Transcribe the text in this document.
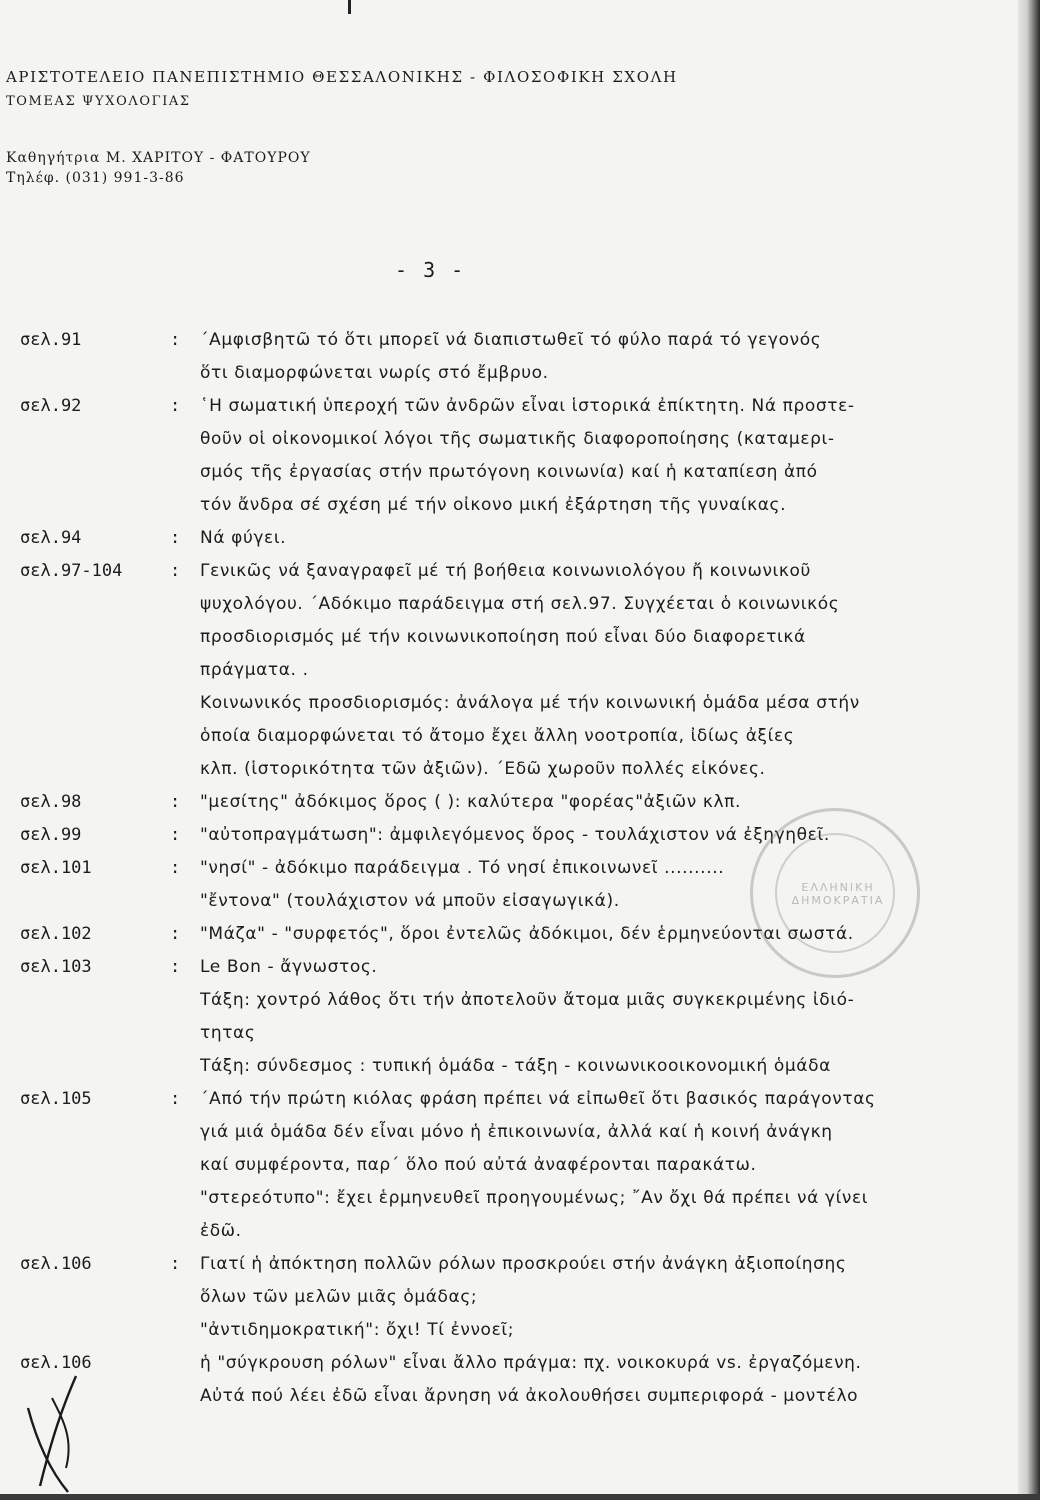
ΑΡΙΣΤΟΤΕΛΕΙΟ ΠΑΝΕΠΙΣΤΗΜΙΟ ΘΕΣΣΑΛΟΝΙΚΗΣ - ΦΙΛΟΣΟΦΙΚΗ ΣΧΟΛΗ
ΤΟΜΕΑΣ ΨΥΧΟΛΟΓΙΑΣ
Καθηγήτρια Μ. ΧΑΡΙΤΟΥ - ΦΑΤΟΥΡΟΥ
Τηλέφ. (031) 991-3-86
- 3 -
σελ.91	:	΄Αμφισβητῶ τό ὅτι μπορεῖ νά διαπιστωθεῖ τό φύλο παρά τό γεγονός
ὅτι διαμορφώνεται νωρίς στό ἔμβρυο.
σελ.92	:	῾Η σωματική ὑπεροχή τῶν ἀνδρῶν εἶναι ἱστορικά ἐπίκτητη. Νά προστε-
θοῦν οἱ οἰκονομικοί λόγοι τῆς σωματικῆς διαφοροποίησης (καταμερι-
σμός τῆς ἐργασίας στήν πρωτόγονη κοινωνία) καί ἡ καταπίεση ἀπό
τόν ἄνδρα σέ σχέση μέ τήν οἰκονο μική ἐξάρτηση τῆς γυναίκας.
σελ.94	:	Νά φύγει.
σελ.97-104	:	Γενικῶς νά ξαναγραφεῖ μέ τή βοήθεια κοινωνιολόγου ἤ κοινωνικοῦ
ψυχολόγου. ΄Αδόκιμο παράδειγμα στή σελ.97. Συγχέεται ὁ κοινωνικός
προσδιορισμός μέ τήν κοινωνικοποίηση πού εἶναι δύο διαφορετικά
πράγματα. .
Κοινωνικός προσδιορισμός: ἀνάλογα μέ τήν κοινωνική ὁμάδα μέσα στήν
ὁποία διαμορφώνεται τό ἄτομο ἔχει ἄλλη νοοτροπία, ἰδίως ἀξίες
κλπ. (ἱστορικότητα τῶν ἀξιῶν). ΄Εδῶ χωροῦν πολλές εἰκόνες.
σελ.98	:	"μεσίτης" ἀδόκιμος ὅρος ( ): καλύτερα "φορέας"ἀξιῶν κλπ.
σελ.99	:	"αὐτοπραγμάτωση": ἀμφιλεγόμενος ὅρος - τουλάχιστον νά ἐξηγηθεῖ.
σελ.101	:	"νησί" - ἀδόκιμο παράδειγμα . Τό νησί ἐπικοινωνεῖ ..........
"ἔντονα" (τουλάχιστον νά μποῦν εἰσαγωγικά).
σελ.102	:	"Μάζα" - "συρφετός", ὅροι ἐντελῶς ἀδόκιμοι, δέν ἑρμηνεύονται σωστά.
σελ.103	:	Le Bon - ἄγνωστος.
Τάξη: χοντρό λάθος ὅτι τήν ἀποτελοῦν ἄτομα μιᾶς συγκεκριμένης ἰδιό-
τητας
Τάξη: σύνδεσμος : τυπική ὁμάδα - τάξη - κοινωνικοοικονομική ὁμάδα
σελ.105	:	΄Από τήν πρώτη κιόλας φράση πρέπει νά εἰπωθεῖ ὅτι βασικός παράγοντας
γιά μιά ὁμάδα δέν εἶναι μόνο ἡ ἐπικοινωνία, ἀλλά καί ἡ κοινή ἀνάγκη
καί συμφέροντα, παρ΄ ὅλο πού αὐτά ἀναφέρονται παρακάτω.
"στερεότυπο": ἔχει ἑρμηνευθεῖ προηγουμένως; ῎Αν ὄχι θά πρέπει νά γίνει
ἐδῶ.
σελ.106	:	Γιατί ἡ ἀπόκτηση πολλῶν ρόλων προσκρούει στήν ἀνάγκη ἀξιοποίησης
ὅλων τῶν μελῶν μιᾶς ὁμάδας;
"ἀντιδημοκρατική": ὄχι! Τί ἐννοεῖ;
σελ.106	ἡ "σύγκρουση ρόλων" εἶναι ἄλλο πράγμα: πχ. νοικοκυρά vs. ἐργαζόμενη.
Αὐτά πού λέει ἐδῶ εἶναι ἄρνηση νά ἀκολουθήσει συμπεριφορά - μοντέλο
ΕΛΛΗΝΙΚΗ ΔΗΜΟΚΡΑΤΙΑ
